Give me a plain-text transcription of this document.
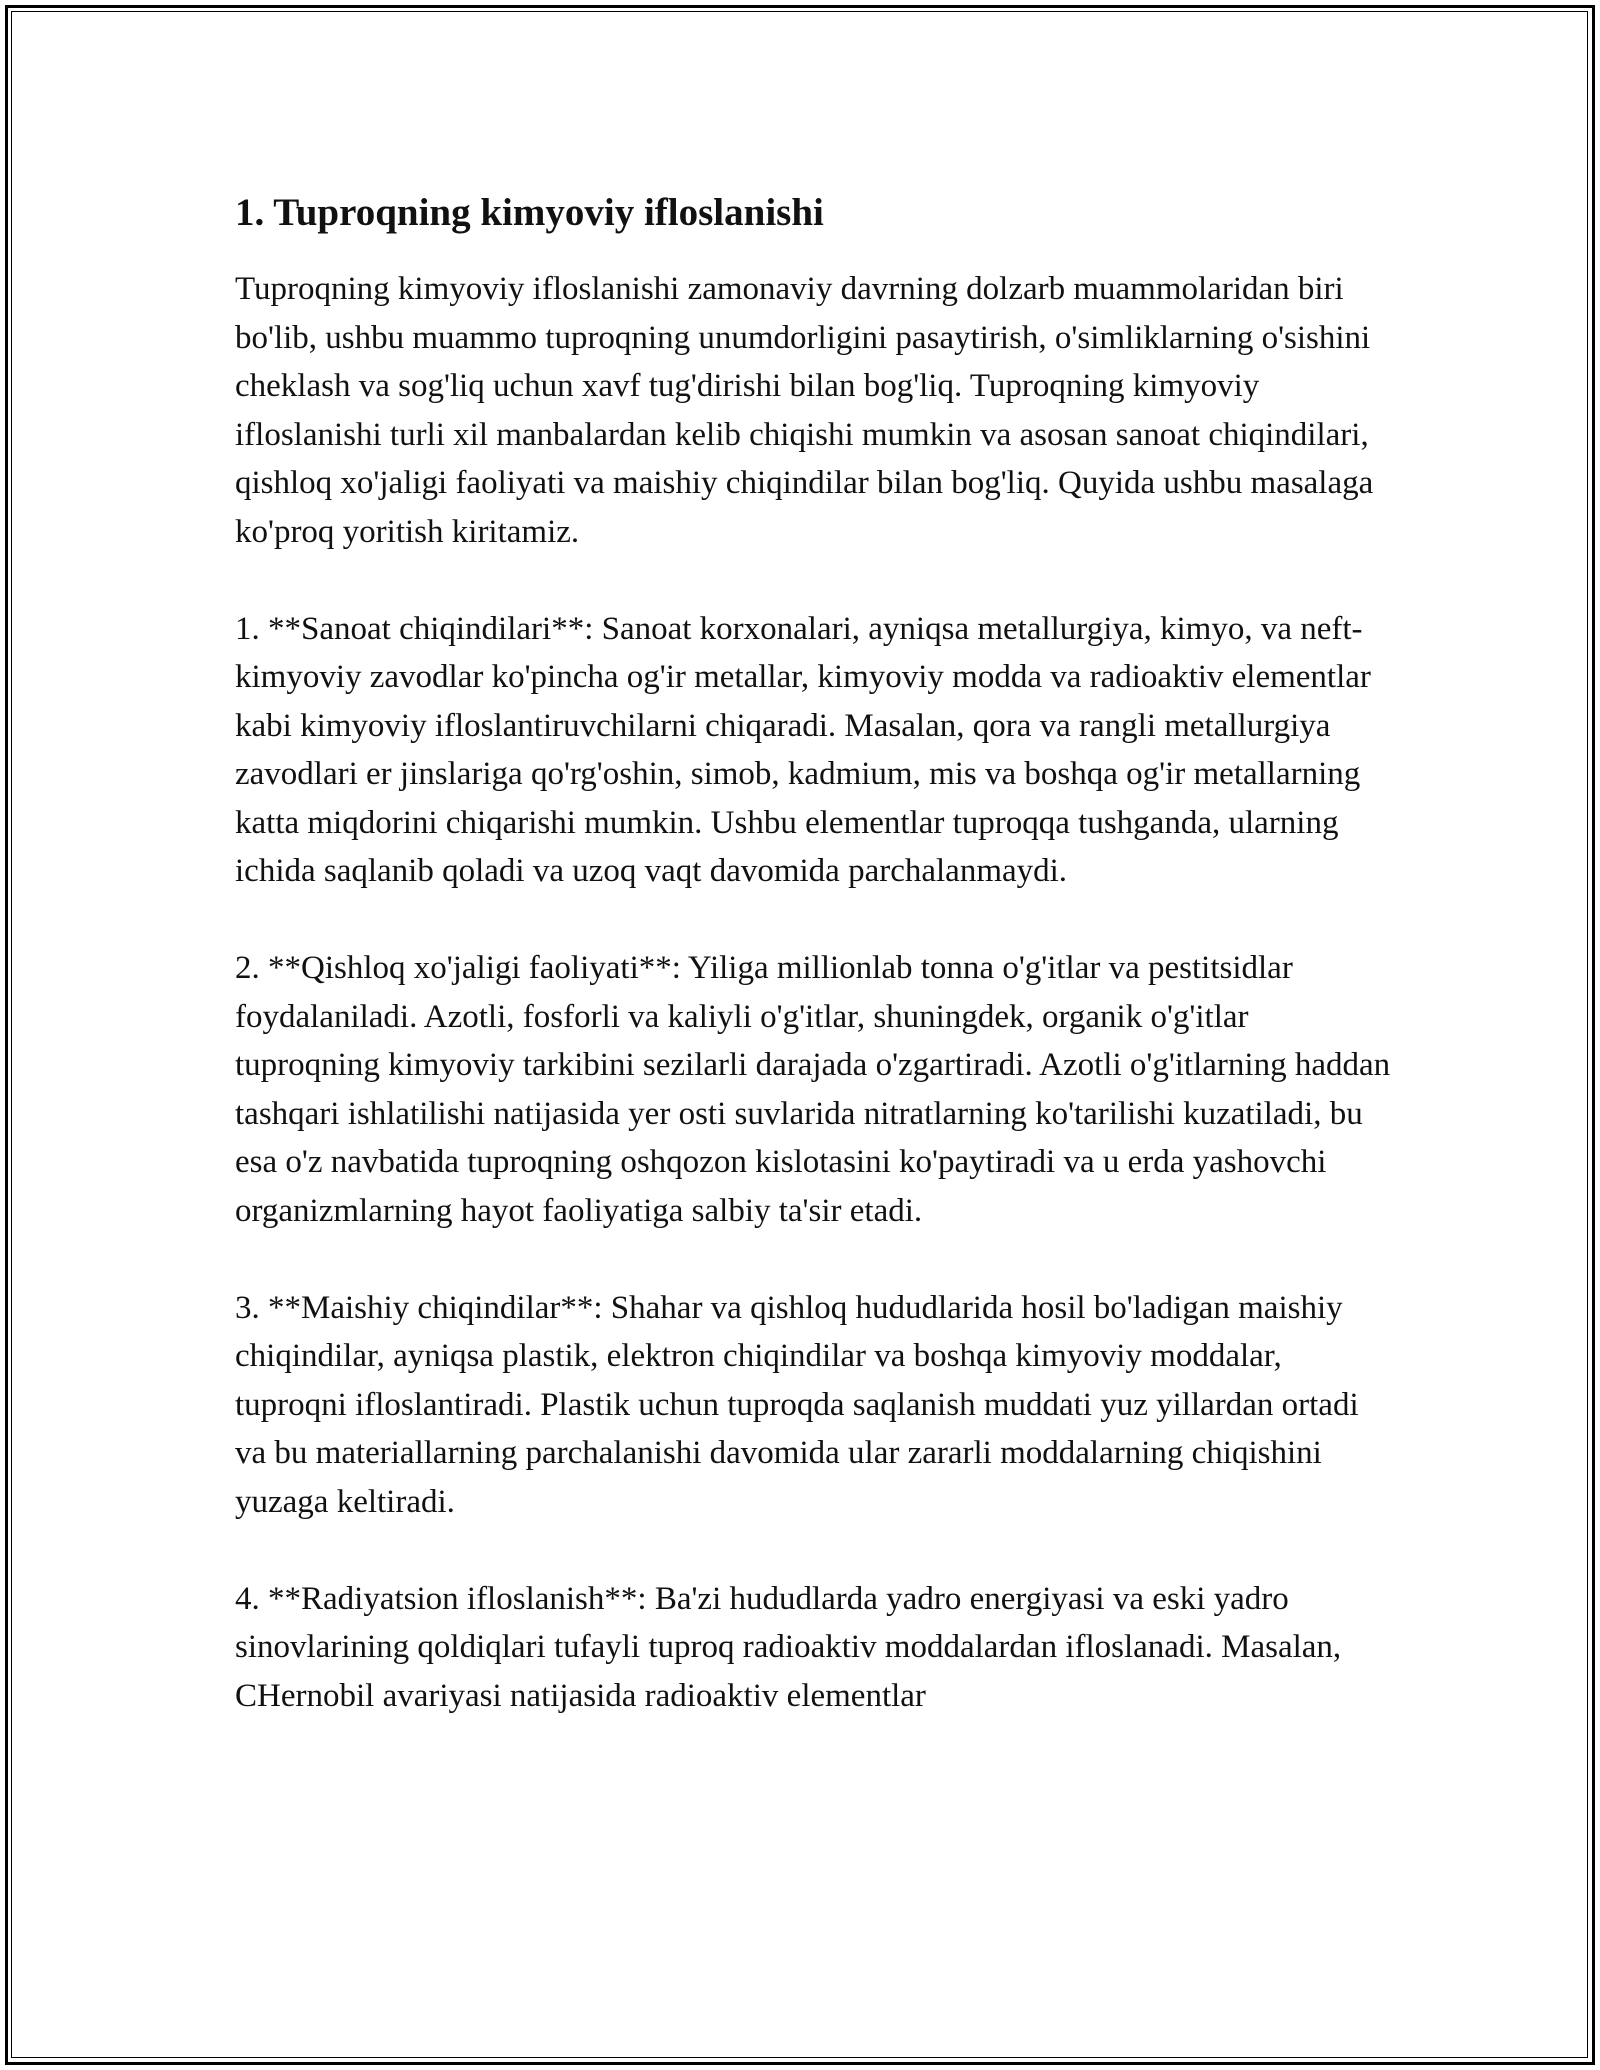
1. Tuproqning kimyoviy ifloslanishi

Tuproqning kimyoviy ifloslanishi zamonaviy davrning dolzarb muammolaridan biri bo'lib, ushbu muammo tuproqning unumdorligini pasaytirish, o'simliklarning o'sishini cheklash va sog'liq uchun xavf tug'dirishi bilan bog'liq. Tuproqning kimyoviy ifloslanishi turli xil manbalardan kelib chiqishi mumkin va asosan sanoat chiqindilari, qishloq xo'jaligi faoliyati va maishiy chiqindilar bilan bog'liq. Quyida ushbu masalaga ko'proq yoritish kiritamiz.

1. **Sanoat chiqindilari**: Sanoat korxonalari, ayniqsa metallurgiya, kimyo, va neft-kimyoviy zavodlar ko'pincha og'ir metallar, kimyoviy modda va radioaktiv elementlar kabi kimyoviy ifloslantiruvchilarni chiqaradi. Masalan, qora va rangli metallurgiya zavodlari er jinslariga qo'rg'oshin, simob, kadmium, mis va boshqa og'ir metallarning katta miqdorini chiqarishi mumkin. Ushbu elementlar tuproqqa tushganda, ularning ichida saqlanib qoladi va uzoq vaqt davomida parchalanmaydi.

2. **Qishloq xo'jaligi faoliyati**: Yiliga millionlab tonna o'g'itlar va pestitsidlar foydalaniladi. Azotli, fosforli va kaliyli o'g'itlar, shuningdek, organik o'g'itlar tuproqning kimyoviy tarkibini sezilarli darajada o'zgartiradi. Azotli o'g'itlarning haddan tashqari ishlatilishi natijasida yer osti suvlarida nitratlarning ko'tarilishi kuzatiladi, bu esa o'z navbatida tuproqning oshqozon kislotasini ko'paytiradi va u erda yashovchi organizmlarning hayot faoliyatiga salbiy ta'sir etadi.

3. **Maishiy chiqindilar**: Shahar va qishloq hududlarida hosil bo'ladigan maishiy chiqindilar, ayniqsa plastik, elektron chiqindilar va boshqa kimyoviy moddalar, tuproqni ifloslantiradi. Plastik uchun tuproqda saqlanish muddati yuz yillardan ortadi va bu materiallarning parchalanishi davomida ular zararli moddalarning chiqishini yuzaga keltiradi.

4. **Radiyatsion ifloslanish**: Ba'zi hududlarda yadro energiyasi va eski yadro sinovlarining qoldiqlari tufayli tuproq radioaktiv moddalardan ifloslanadi. Masalan, CHernobil avariyasi natijasida radioaktiv elementlar
